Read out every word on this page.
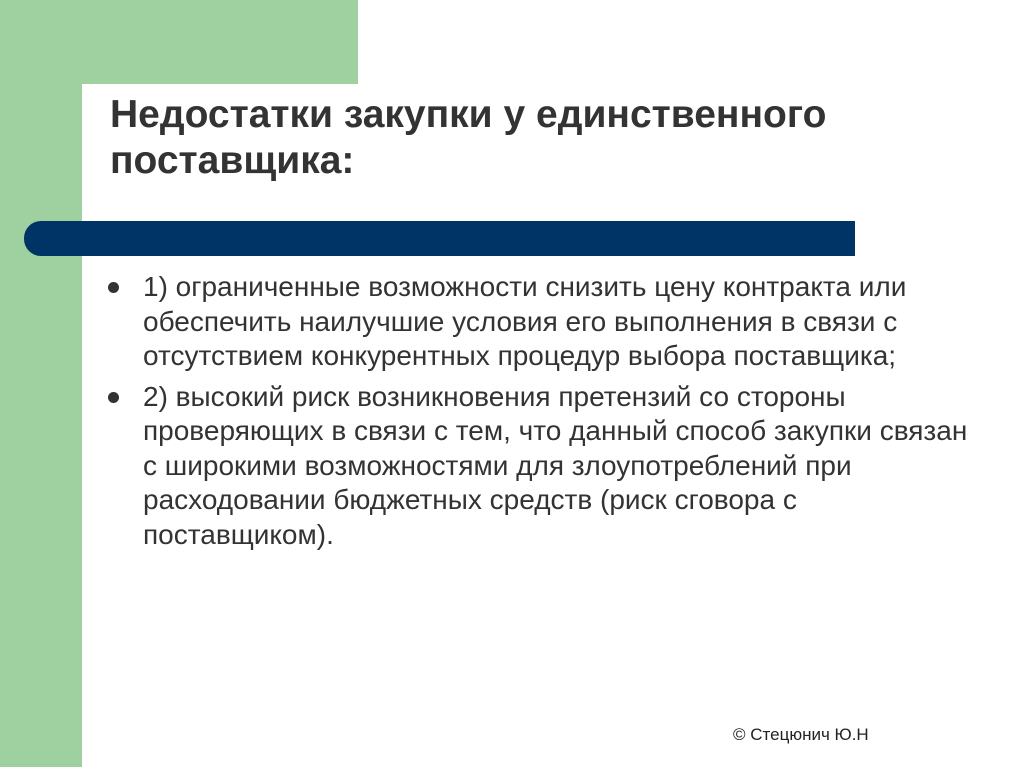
Недостатки закупки у единственного поставщика:
1) ограниченные возможности снизить цену контракта или обеспечить наилучшие условия его выполнения в связи с отсутствием конкурентных процедур выбора поставщика;
2) высокий риск возникновения претензий со стороны проверяющих в связи с тем, что данный способ закупки связан с широкими возможностями для злоупотреблений при расходовании бюджетных средств (риск сговора с поставщиком).
© Стецюнич Ю.Н
